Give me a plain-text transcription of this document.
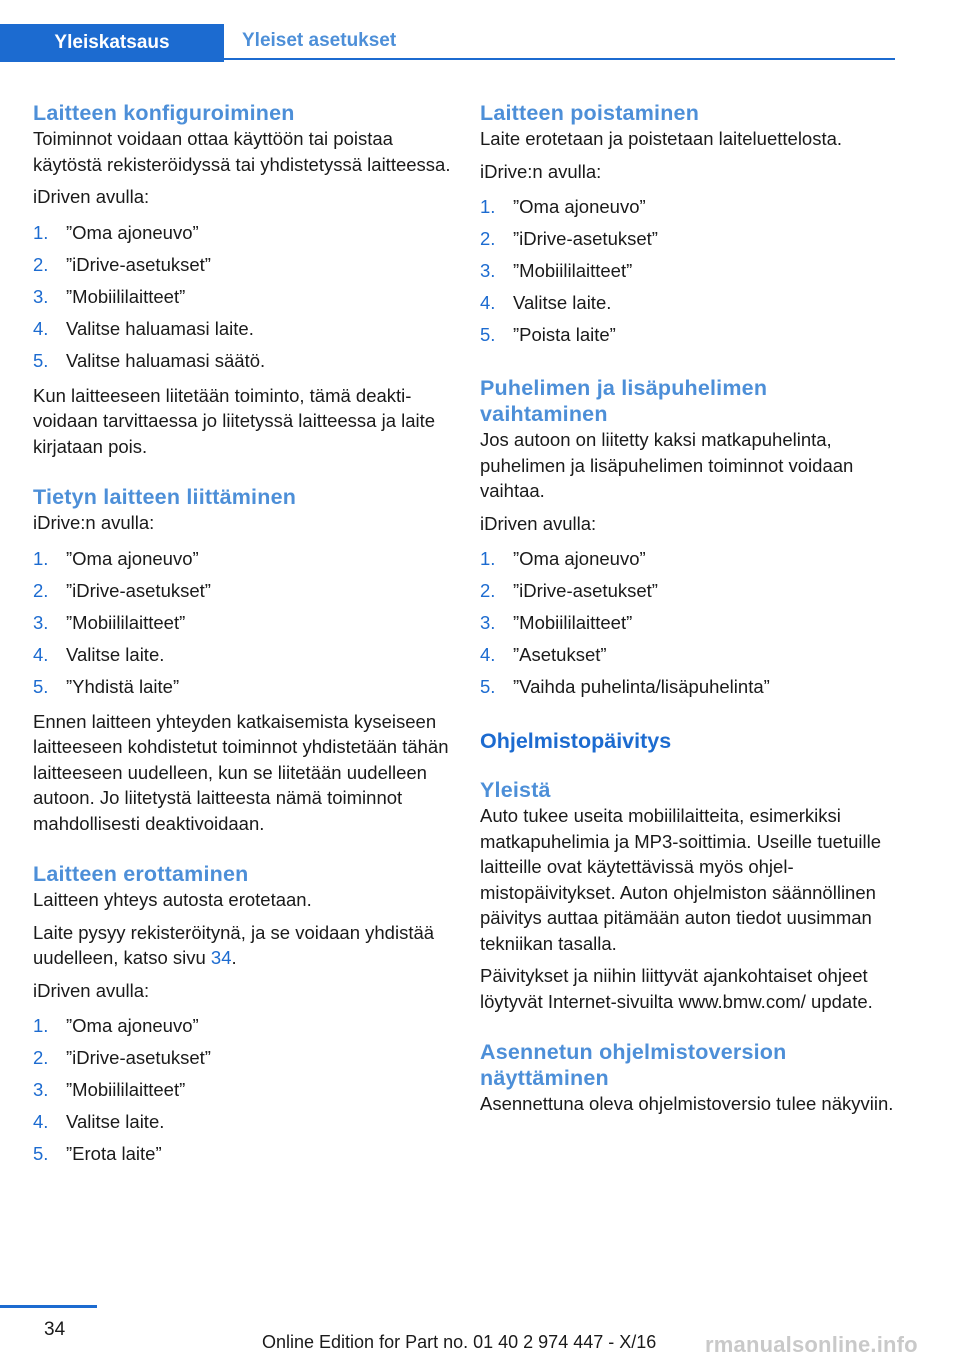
Yleiskatsaus	Yleiset asetukset
Laitteen konfiguroiminen

Toiminnot voidaan ottaa käyttöön tai poistaa käytöstä rekisteröidyssä tai yhdistetyssä laitteessa.

iDriven avulla:

1. ”Oma ajoneuvo”
2. ”iDrive-asetukset”
3. ”Mobiililaitteet”
4. Valitse haluamasi laite.
5. Valitse haluamasi säätö.

Kun laitteeseen liitetään toiminto, tämä deaktivoidaan tarvittaessa jo liitetyssä laitteessa ja laite kirjataan pois.

Tietyn laitteen liittäminen

iDrive:n avulla:

1. ”Oma ajoneuvo”
2. ”iDrive-asetukset”
3. ”Mobiililaitteet”
4. Valitse laite.
5. ”Yhdistä laite”

Ennen laitteen yhteyden katkaisemista kyseiseen laitteeseen kohdistetut toiminnot yhdistetään tähän laitteeseen uudelleen, kun se liitetään uudelleen autoon. Jo liitetystä laitteesta nämä toiminnot mahdollisesti deaktivoidaan.

Laitteen erottaminen

Laitteen yhteys autosta erotetaan.

Laite pysyy rekisteröitynä, ja se voidaan yhdistää uudelleen, katso sivu 34.

iDriven avulla:

1. ”Oma ajoneuvo”
2. ”iDrive-asetukset”
3. ”Mobiililaitteet”
4. Valitse laite.
5. ”Erota laite”
Laitteen poistaminen

Laite erotetaan ja poistetaan laiteluettelosta.

iDrive:n avulla:

1. ”Oma ajoneuvo”
2. ”iDrive-asetukset”
3. ”Mobiililaitteet”
4. Valitse laite.
5. ”Poista laite”
Puhelimen ja lisäpuhelimen vaihtaminen

Jos autoon on liitetty kaksi matkapuhelinta, puhelimen ja lisäpuhelimen toiminnot voidaan vaihtaa.

iDriven avulla:

1. ”Oma ajoneuvo”
2. ”iDrive-asetukset”
3. ”Mobiililaitteet”
4. ”Asetukset”
5. ”Vaihda puhelinta/lisäpuhelinta”
Ohjelmistopäivitys
Yleistä

Auto tukee useita mobiililaitteita, esimerkiksi matkapuhelimia ja MP3-soittimia. Useille tuetuille laitteille ovat käytettävissä myös ohjelmistopäivitykset. Auton ohjelmiston säännöllinen päivitys auttaa pitämään auton tiedot uusimman tekniikan tasalla.

Päivitykset ja niihin liittyvät ajankohtaiset ohjeet löytyvät Internet-sivuilta www.bmw.com/ update.

Asennetun ohjelmistoversion näyttäminen

Asennettuna oleva ohjelmistoversio tulee näkyviin.

34
Online Edition for Part no. 01 40 2 974 447 - X/16 rmanualsonline.info
